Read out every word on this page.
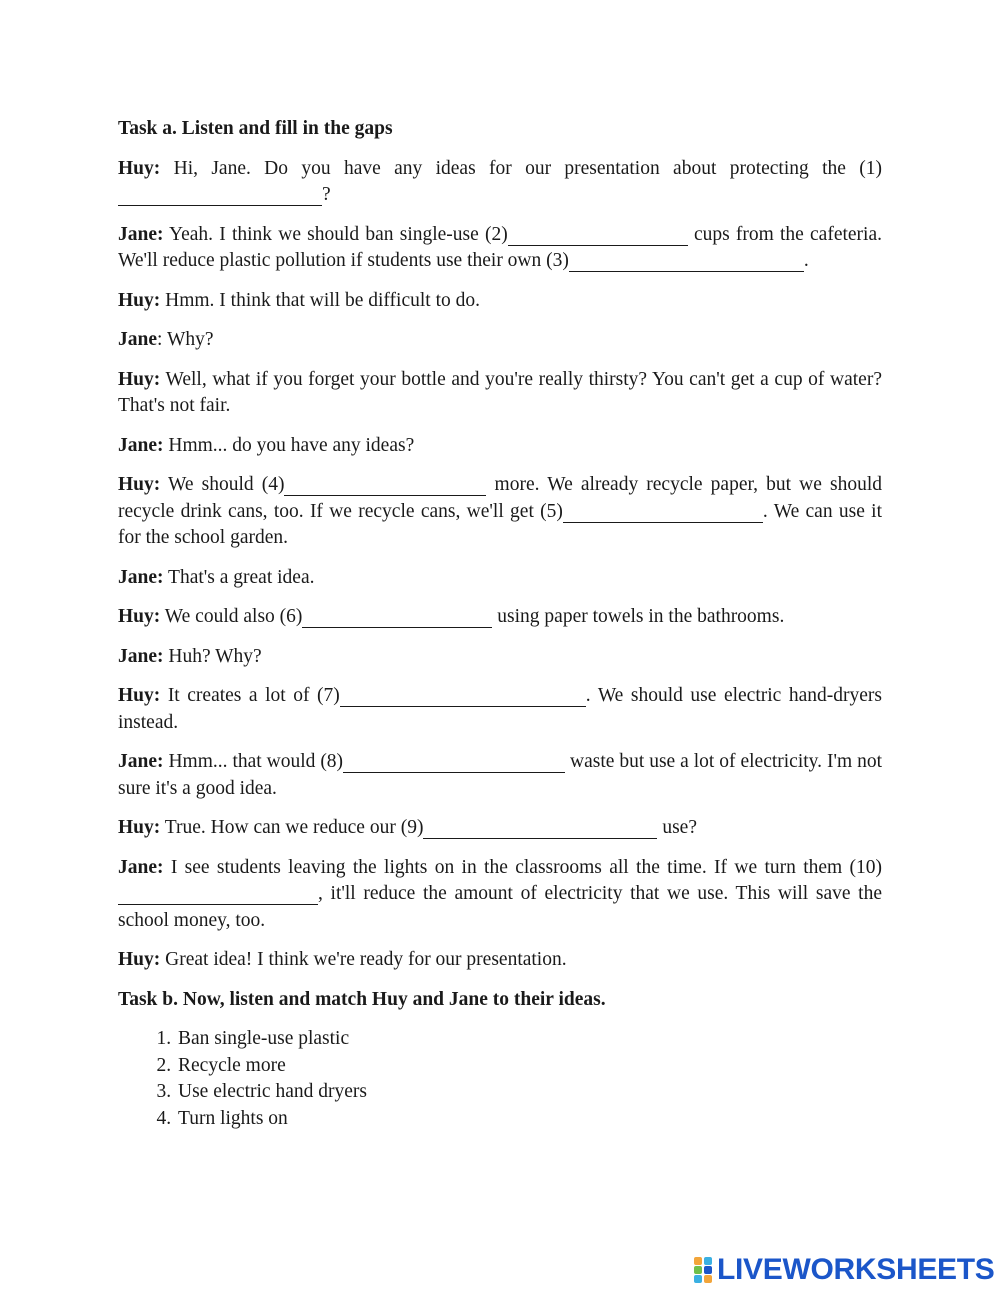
Task a. Listen and fill in the gaps

Huy: Hi, Jane. Do you have any ideas for our presentation about protecting the (1)?

Jane: Yeah. I think we should ban single-use (2)	cups from the cafeteria. We'll reduce plastic pollution if students use their own (3)	.

Huy: Hmm. I think that will be difficult to do.

Jane: Why?

Huy: Well, what if you forget your bottle and you're really thirsty? You can't get a cup of water? That's not fair.

Jane: Hmm... do you have any ideas?

Huy: We should (4)	more. We already recycle paper, but we should recycle drink cans, too. If we recycle cans, we'll get (5)	. We can use it for the school garden.

Jane: That's a great idea.

Huy: We could also (6)	using paper towels in the bathrooms.

Jane: Huh? Why?

Huy: It creates a lot of (7)	. We should use electric hand-dryers instead.

Jane: Hmm... that would (8)	waste but use a lot of electricity. I'm not sure it's a good idea.

Huy: True. How can we reduce our (9)	use?

Jane: I see students leaving the lights on in the classrooms all the time. If we turn them (10), it'll reduce the amount of electricity that we use. This will save the school money, too.

Huy: Great idea! I think we're ready for our presentation.

Task b. Now, listen and match Huy and Jane to their ideas.

1. Ban single-use plastic
2. Recycle more
3. Use electric hand dryers
4. Turn lights on
LIVEWORKSHEETS
